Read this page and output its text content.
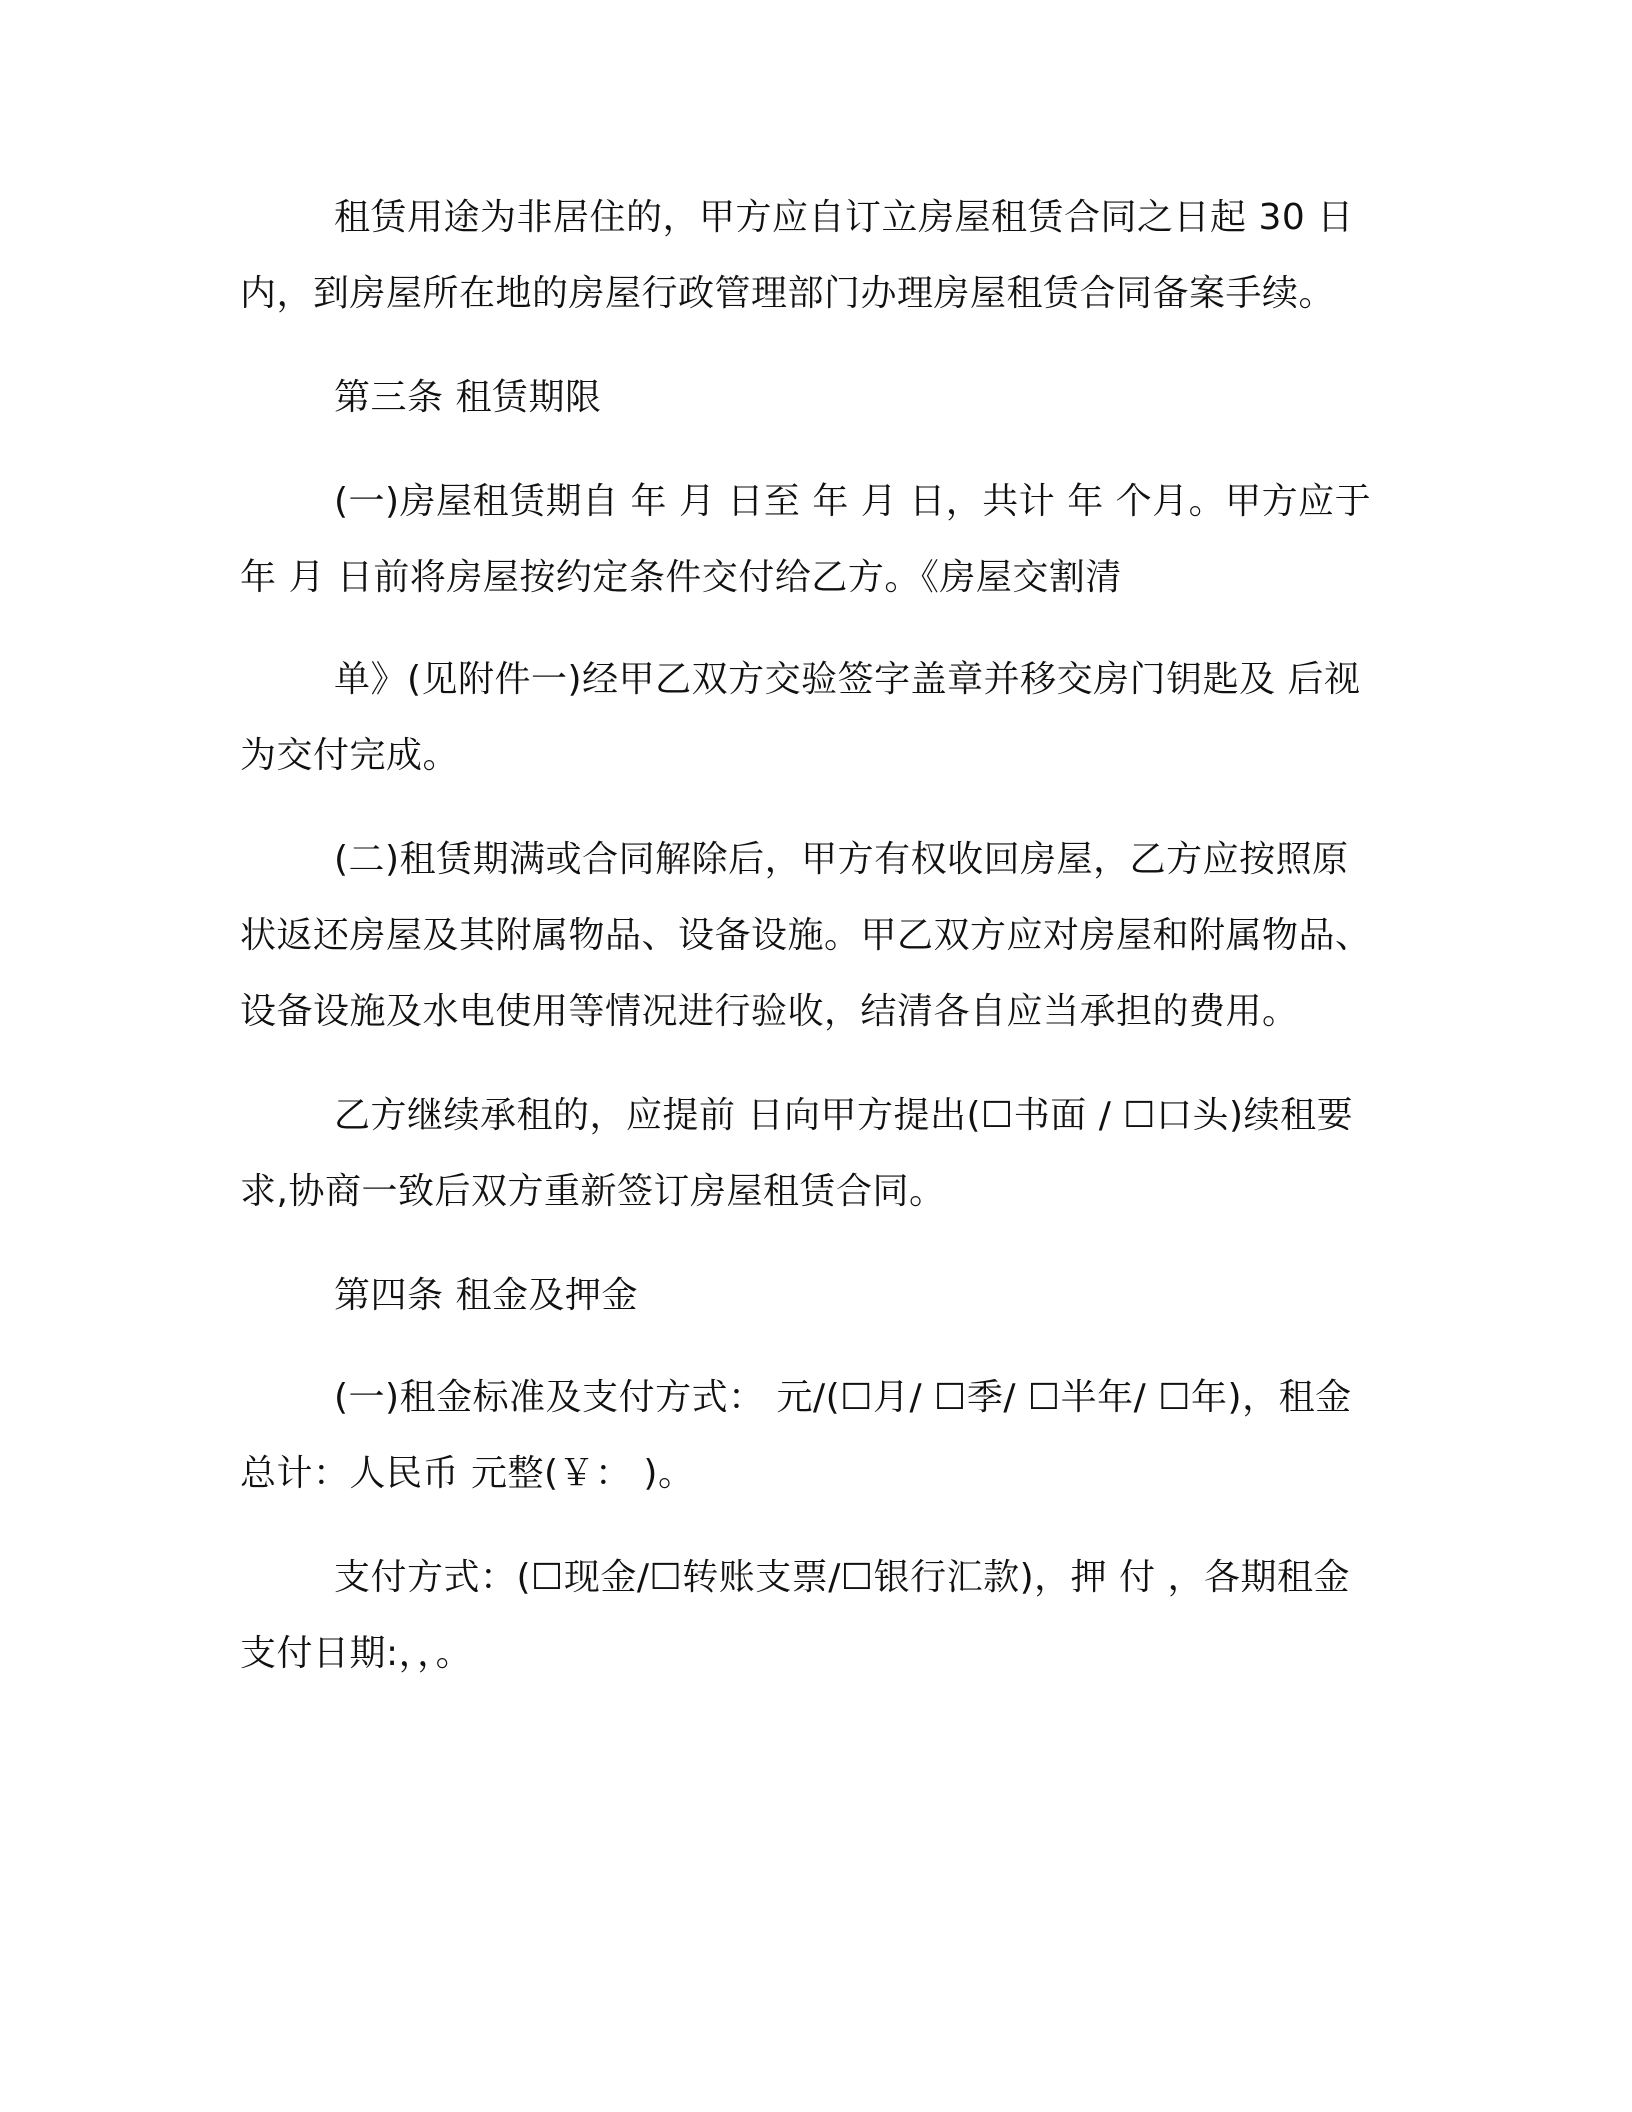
租赁用途为非居住的，甲方应自订立房屋租赁合同之日起 30 日
内，到房屋所在地的房屋行政管理部门办理房屋租赁合同备案手续。
第三条 租赁期限
(一)房屋租赁期自 年 月 日至 年 月 日，共计 年 个月。甲方应于
年 月 日前将房屋按约定条件交付给乙方。《房屋交割清
单》(见附件一)经甲乙双方交验签字盖章并移交房门钥匙及 后视
为交付完成。
(二)租赁期满或合同解除后，甲方有权收回房屋，乙方应按照原
状返还房屋及其附属物品、设备设施。甲乙双方应对房屋和附属物品、
设备设施及水电使用等情况进行验收，结清各自应当承担的费用。
乙方继续承租的，应提前 日向甲方提出(☐书面 / ☐口头)续租要
求,协商一致后双方重新签订房屋租赁合同。
第四条 租金及押金
(一)租金标准及支付方式： 元/(☐月/ ☐季/ ☐半年/ ☐年)，租金
总计：人民币 元整(￥： )。
支付方式：(☐现金/☐转账支票/☐银行汇款)，押 付 ，各期租金
支付日期:，，。
